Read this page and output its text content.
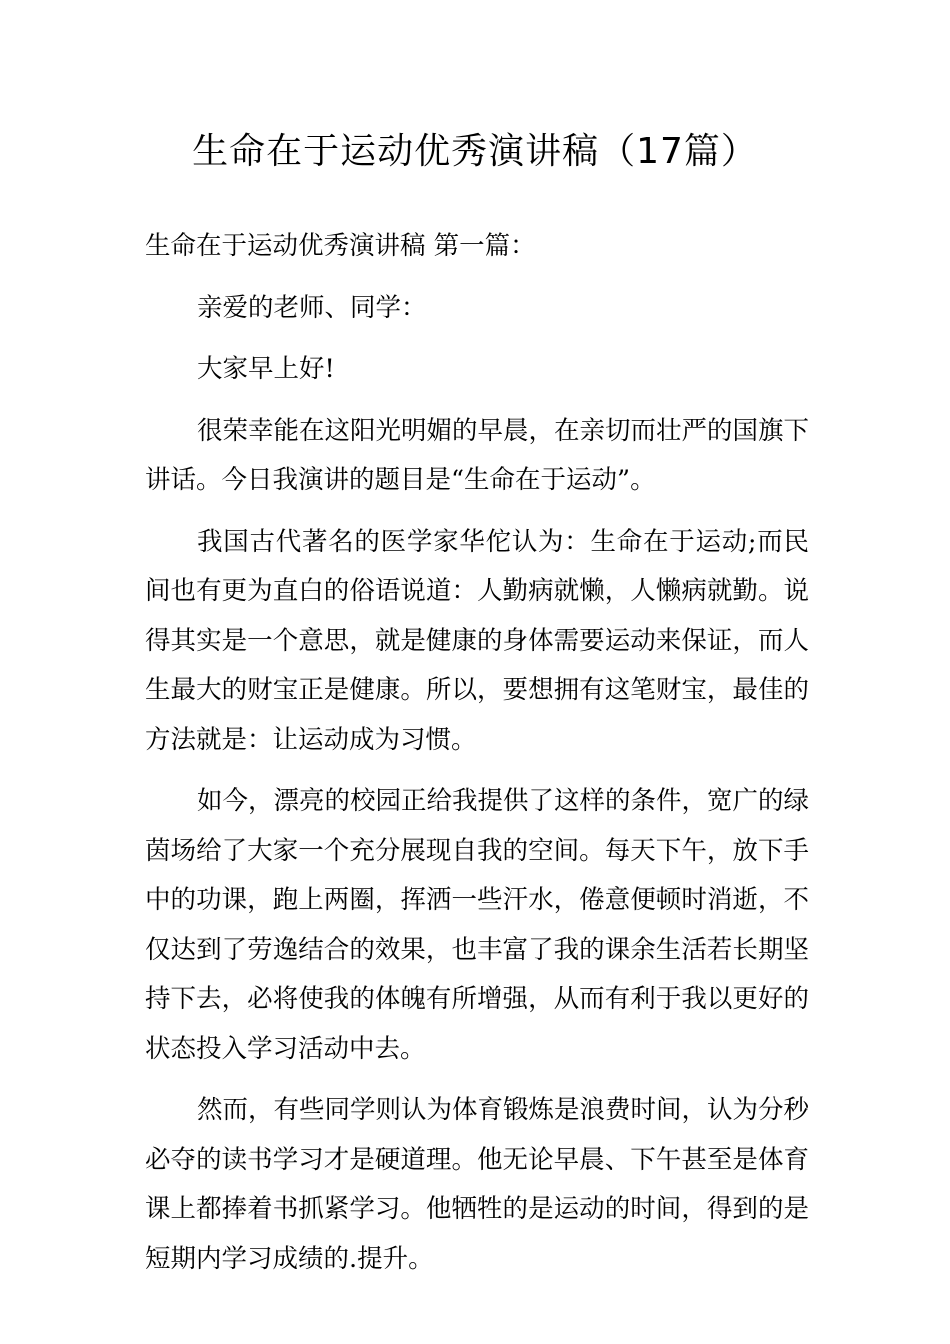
生命在于运动优秀演讲稿（17篇）

生命在于运动优秀演讲稿 第一篇：

亲爱的老师、同学：

大家早上好!

很荣幸能在这阳光明媚的早晨，在亲切而壮严的国旗下讲话。今日我演讲的题目是“生命在于运动”。

我国古代著名的医学家华佗认为：生命在于运动;而民间也有更为直白的俗语说道：人勤病就懒，人懒病就勤。说得其实是一个意思，就是健康的身体需要运动来保证，而人生最大的财宝正是健康。所以，要想拥有这笔财宝，最佳的方法就是：让运动成为习惯。

如今，漂亮的校园正给我提供了这样的条件，宽广的绿茵场给了大家一个充分展现自我的空间。每天下午，放下手中的功课，跑上两圈，挥洒一些汗水，倦意便顿时消逝，不仅达到了劳逸结合的效果，也丰富了我的课余生活若长期坚持下去，必将使我的体魄有所增强，从而有利于我以更好的状态投入学习活动中去。

然而，有些同学则认为体育锻炼是浪费时间，认为分秒必夺的读书学习才是硬道理。他无论早晨、下午甚至是体育课上都捧着书抓紧学习。他牺牲的是运动的时间，得到的是短期内学习成绩的.提升。
